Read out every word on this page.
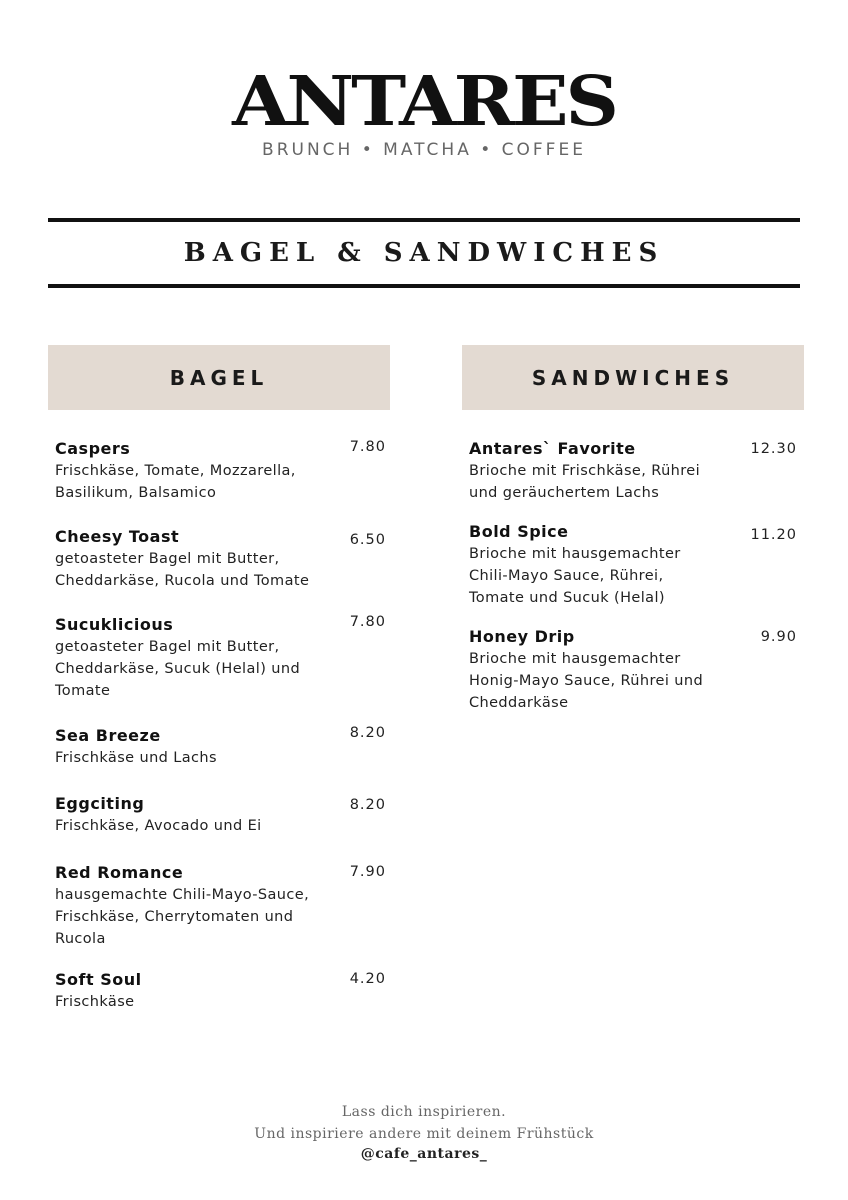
ANTARES
BRUNCH • MATCHA • COFFEE
BAGEL & SANDWICHES
BAGEL	SANDWICHES
Caspers
Frischkäse, Tomate, Mozzarella,
Basilikum, Balsamico
7.80
Cheesy Toast
getoasteter Bagel mit Butter,
Cheddarkäse, Rucola und Tomate
6.50
Sucuklicious
getoasteter Bagel mit Butter,
Cheddarkäse, Sucuk (Helal) und
Tomate
7.80
Sea Breeze
Frischkäse und Lachs
8.20
Eggciting
Frischkäse, Avocado und Ei
8.20
Red Romance
hausgemachte Chili-Mayo-Sauce,
Frischkäse, Cherrytomaten und
Rucola
7.90
Soft Soul
Frischkäse
4.20
Antares` Favorite
Brioche mit Frischkäse, Rührei
und geräuchertem Lachs
12.30
Bold Spice
Brioche mit hausgemachter
Chili-Mayo Sauce, Rührei,
Tomate und Sucuk (Helal)
11.20
Honey Drip
Brioche mit hausgemachter
Honig-Mayo Sauce, Rührei und
Cheddarkäse
9.90
Lass dich inspirieren.
Und inspiriere andere mit deinem Frühstück
@cafe_antares_
